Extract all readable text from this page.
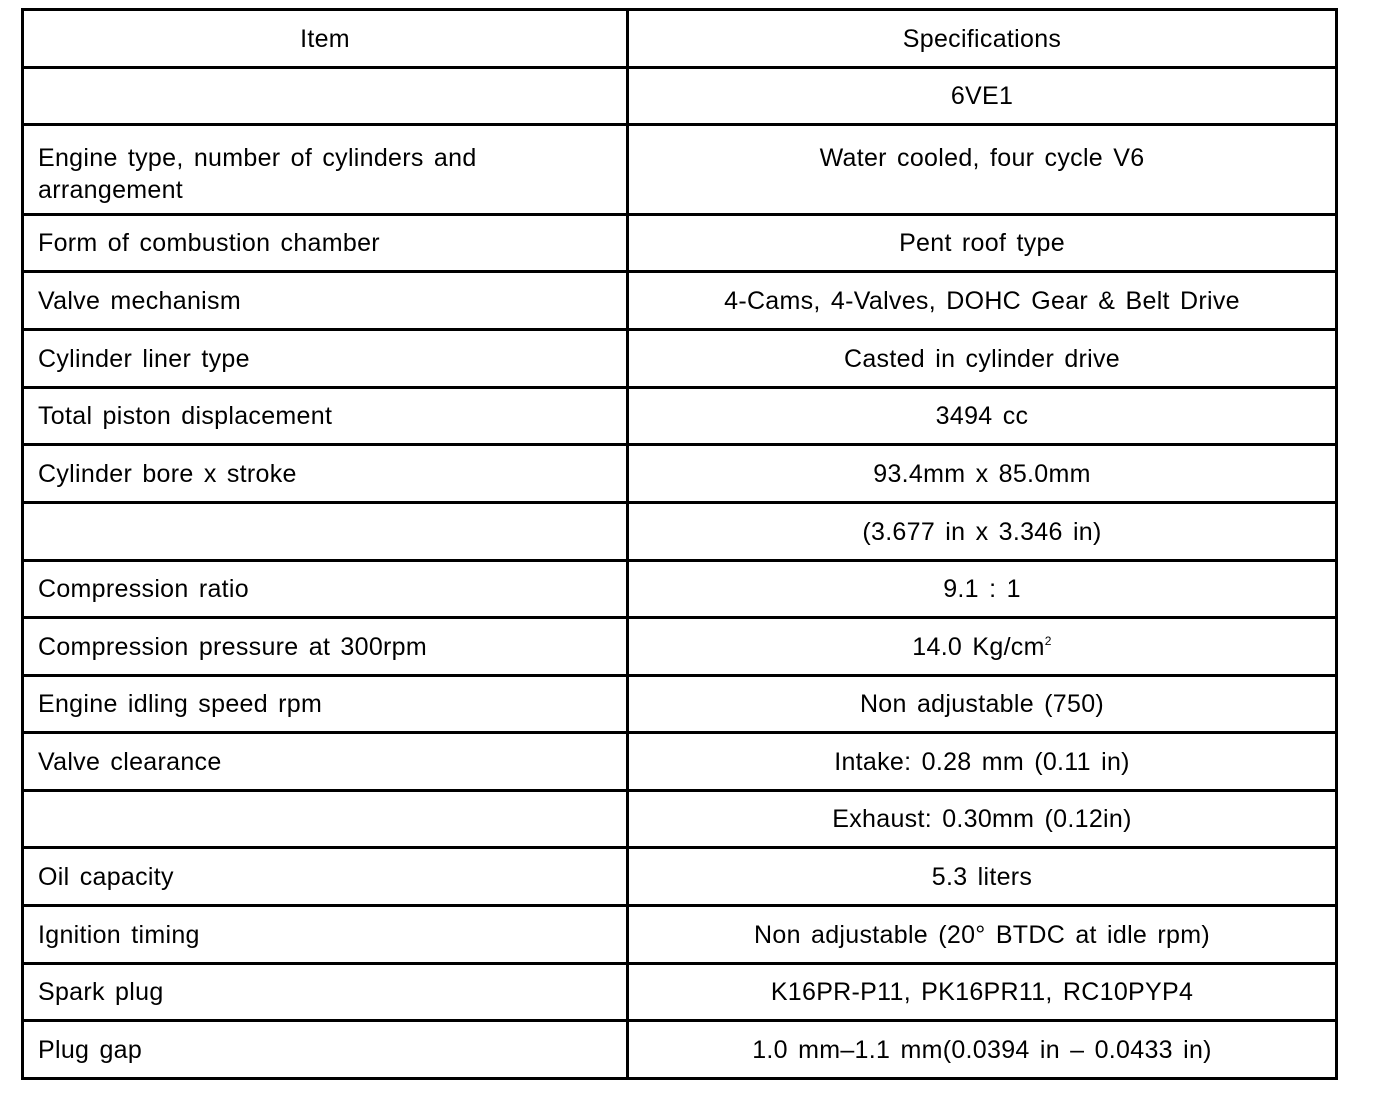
Item	Specifications
	6VE1
Engine type, number of cylinders and arrangement	Water cooled, four cycle V6
Form of combustion chamber	Pent roof type
Valve mechanism	4-Cams, 4-Valves, DOHC Gear & Belt Drive
Cylinder liner type	Casted in cylinder drive
Total piston displacement	3494 cc
Cylinder bore x stroke	93.4mm x 85.0mm
	(3.677 in x 3.346 in)
Compression ratio	9.1 : 1
Compression pressure at 300rpm	14.0 $Kg/cm^2$
Engine idling speed rpm	Non adjustable (750)
Valve clearance	Intake: 0.28 mm (0.11 in)
	Exhaust: 0.30mm (0.12in)
Oil capacity	5.3 liters
Ignition timing	Non adjustable (20° BTDC at idle rpm)
Spark plug	K16PR-P11, PK16PR11, RC10PYP4
Plug gap	1.0 mm–1.1 mm(0.0394 in – 0.0433 in)
